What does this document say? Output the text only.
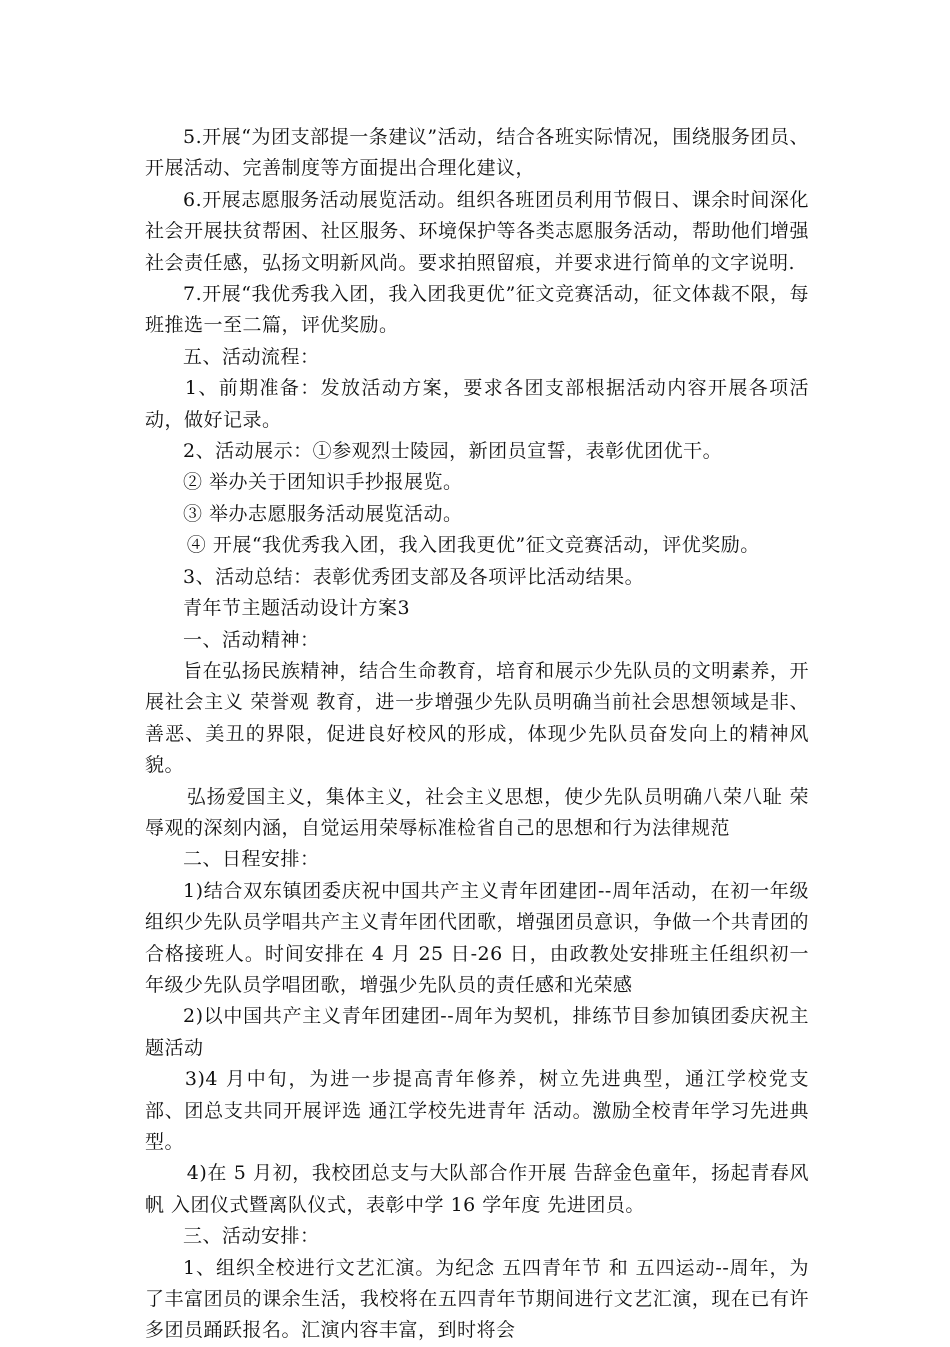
5.开展“为团支部提一条建议”活动，结合各班实际情况，围绕服务团员、开展活动、完善制度等方面提出合理化建议，

6.开展志愿服务活动展览活动。组织各班团员利用节假日、课余时间深化社会开展扶贫帮困、社区服务、环境保护等各类志愿服务活动，帮助他们增强社会责任感，弘扬文明新风尚。要求拍照留痕，并要求进行简单的文字说明.

7.开展“我优秀我入团，我入团我更优”征文竞赛活动，征文体裁不限，每班推选一至二篇，评优奖励。

五、活动流程：

1、前期准备：发放活动方案，要求各团支部根据活动内容开展各项活动，做好记录。

2、活动展示：①参观烈士陵园，新团员宣誓，表彰优团优干。

② 举办关于团知识手抄报展览。

③ 举办志愿服务活动展览活动。

④ 开展“我优秀我入团，我入团我更优”征文竞赛活动，评优奖励。

3、活动总结：表彰优秀团支部及各项评比活动结果。

青年节主题活动设计方案3

一、活动精神：

旨在弘扬民族精神，结合生命教育，培育和展示少先队员的文明素养，开展社会主义 荣誉观 教育，进一步增强少先队员明确当前社会思想领域是非、善恶、美丑的界限，促进良好校风的形成，体现少先队员奋发向上的精神风貌。

弘扬爱国主义，集体主义，社会主义思想，使少先队员明确八荣八耻 荣辱观的深刻内涵，自觉运用荣辱标准检省自己的思想和行为法律规范

二、日程安排：

1)结合双东镇团委庆祝中国共产主义青年团建团--周年活动，在初一年级组织少先队员学唱共产主义青年团代团歌，增强团员意识，争做一个共青团的合格接班人。时间安排在 4 月 25 日-26 日，由政教处安排班主任组织初一年级少先队员学唱团歌，增强少先队员的责任感和光荣感

2)以中国共产主义青年团建团--周年为契机，排练节目参加镇团委庆祝主题活动

3)4 月中旬，为进一步提高青年修养，树立先进典型，通江学校党支部、团总支共同开展评选 通江学校先进青年 活动。激励全校青年学习先进典型。

4)在 5 月初，我校团总支与大队部合作开展 告辞金色童年，扬起青春风帆 入团仪式暨离队仪式，表彰中学 16 学年度 先进团员。

三、活动安排：

1、组织全校进行文艺汇演。为纪念 五四青年节 和 五四运动--周年，为了丰富团员的课余生活，我校将在五四青年节期间进行文艺汇演，现在已有许多团员踊跃报名。汇演内容丰富，到时将会
